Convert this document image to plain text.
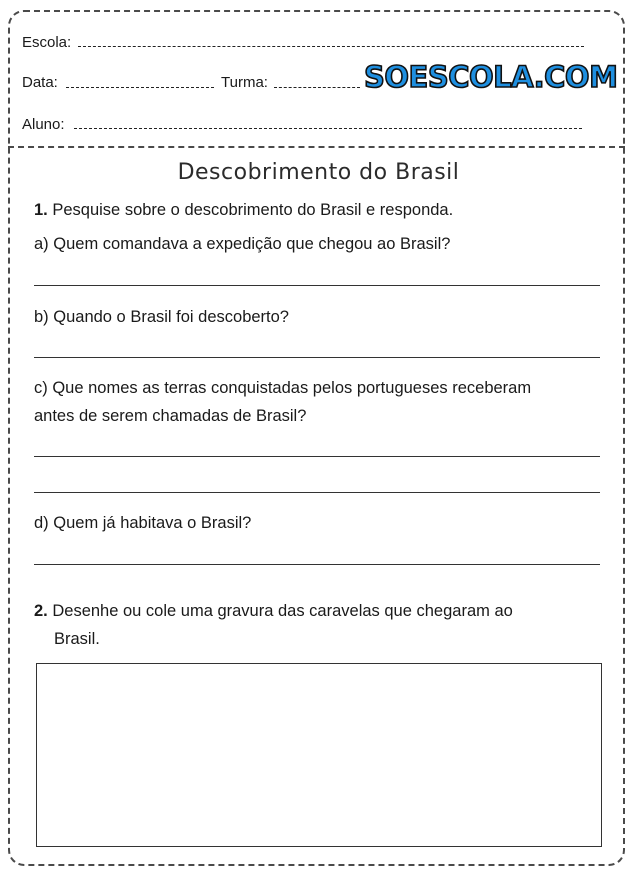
Escola:
Data:	Turma:	SOESCOLA.COM
Aluno:
Descobrimento do Brasil
1. Pesquise sobre o descobrimento do Brasil e responda.
a) Quem comandava a expedição que chegou ao Brasil?
b) Quando o Brasil foi descoberto?
c) Que nomes as terras conquistadas pelos portugueses receberam
antes de serem chamadas de Brasil?
d) Quem já habitava o Brasil?
2. Desenhe ou cole uma gravura das caravelas que chegaram ao
Brasil.
